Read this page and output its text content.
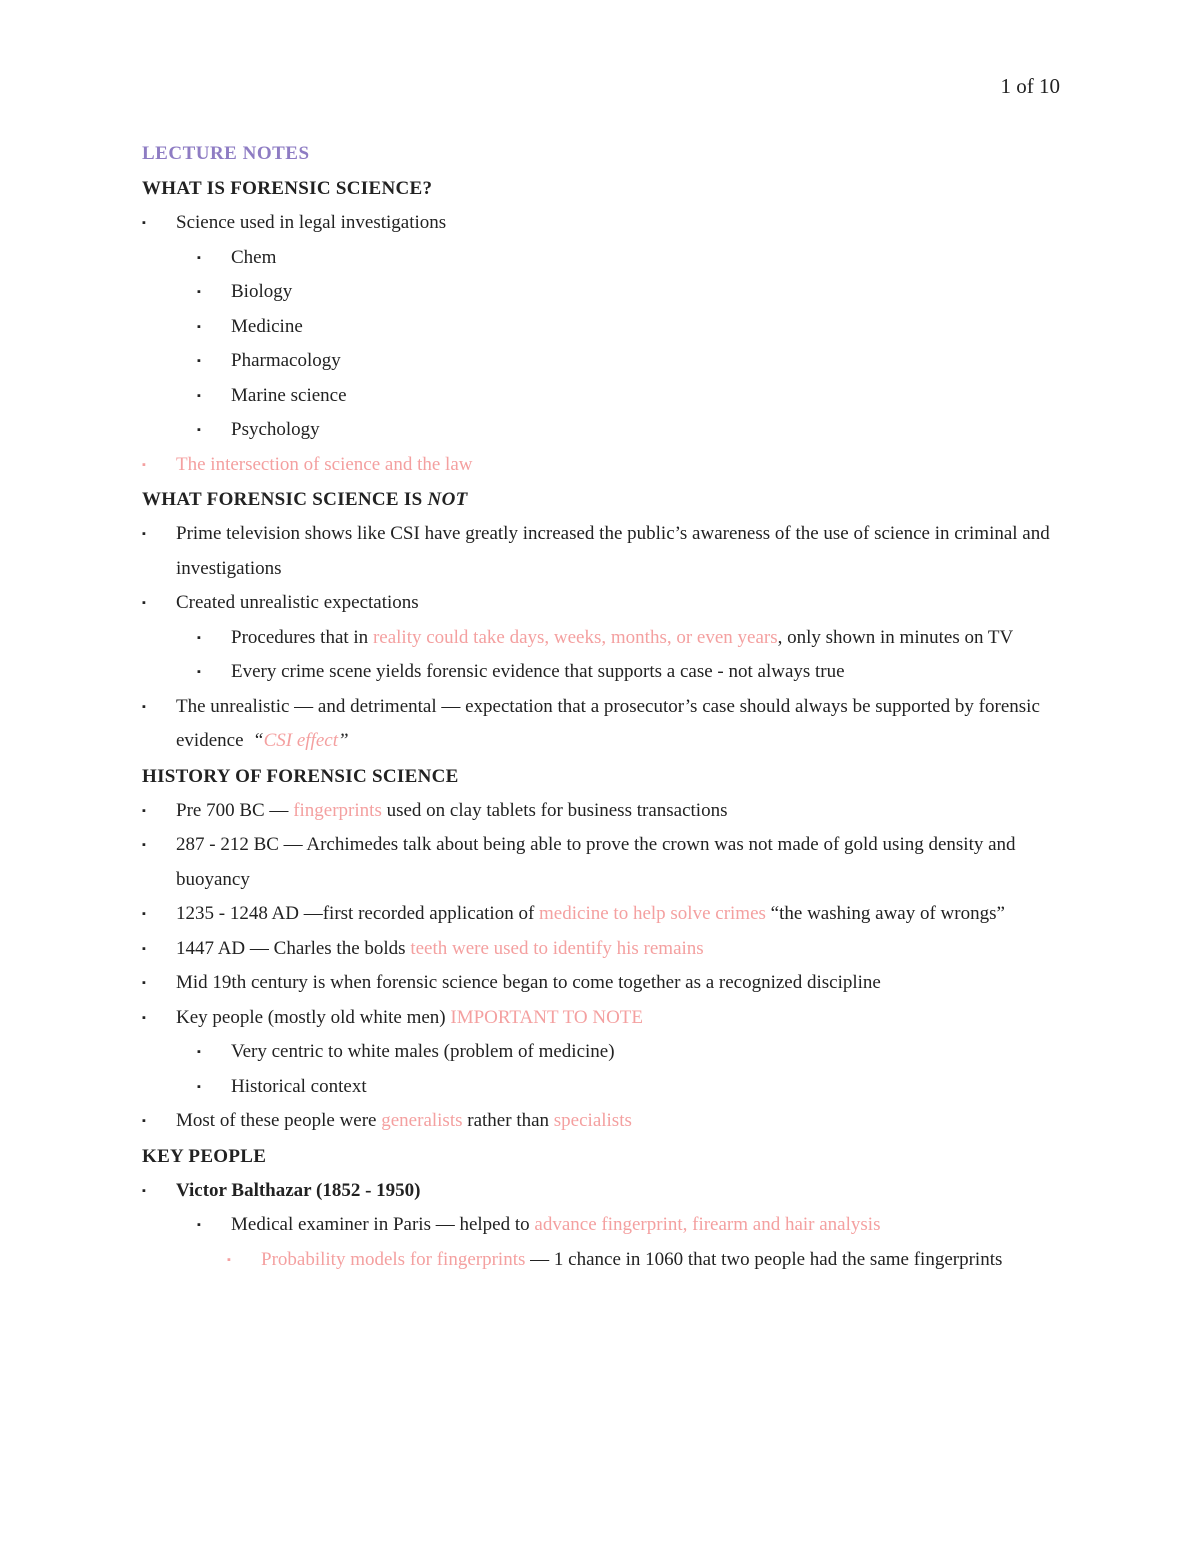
1 of 10
LECTURE NOTES
WHAT IS FORENSIC SCIENCE?
▪ Science used in legal investigations
▪ Chem
▪ Biology
▪ Medicine
▪ Pharmacology
▪ Marine science
▪ Psychology
▪ The intersection of science and the law
WHAT FORENSIC SCIENCE IS NOT
▪ Prime television shows like CSI have greatly increased the public’s awareness of the use of science in criminal and investigations
▪ Created unrealistic expectations
▪ Procedures that in reality could take days, weeks, months, or even years, only shown in minutes on TV
▪ Every crime scene yields forensic evidence that supports a case - not always true
▪ The unrealistic — and detrimental — expectation that a prosecutor’s case should always be supported by forensic evidence  “CSI effect”
HISTORY OF FORENSIC SCIENCE
▪ Pre 700 BC — fingerprints used on clay tablets for business transactions
▪ 287 - 212 BC — Archimedes talk about being able to prove the crown was not made of gold using density and buoyancy
▪ 1235 - 1248 AD —first recorded application of medicine to help solve crimes “the washing away of wrongs”
▪ 1447 AD — Charles the bolds teeth were used to identify his remains
▪ Mid 19th century is when forensic science began to come together as a recognized discipline
▪ Key people (mostly old white men) IMPORTANT TO NOTE
▪ Very centric to white males (problem of medicine)
▪ Historical context
▪ Most of these people were generalists rather than specialists
KEY PEOPLE
▪ Victor Balthazar (1852 - 1950)
▪ Medical examiner in Paris — helped to advance fingerprint, firearm and hair analysis
▪ Probability models for fingerprints — 1 chance in 1060 that two people had the same fingerprints
